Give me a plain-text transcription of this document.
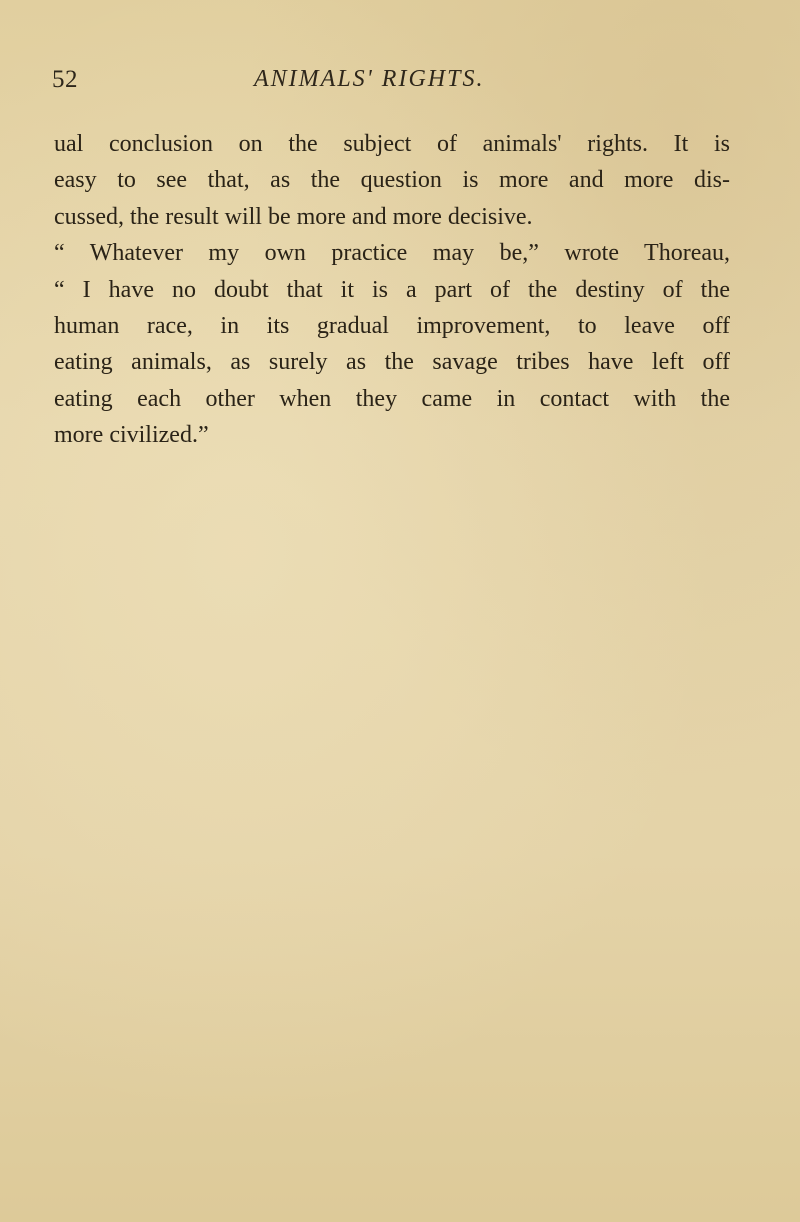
52	ANIMALS' RIGHTS.
ual conclusion on the subject of animals' rights. It is
easy to see that, as the question is more and more dis-
cussed, the result will be more and more decisive.
“ Whatever my own practice may be,” wrote Thoreau,
“ I have no doubt that it is a part of the destiny of the
human race, in its gradual improvement, to leave off
eating animals, as surely as the savage tribes have left off
eating each other when they came in contact with the
more civilized.”
